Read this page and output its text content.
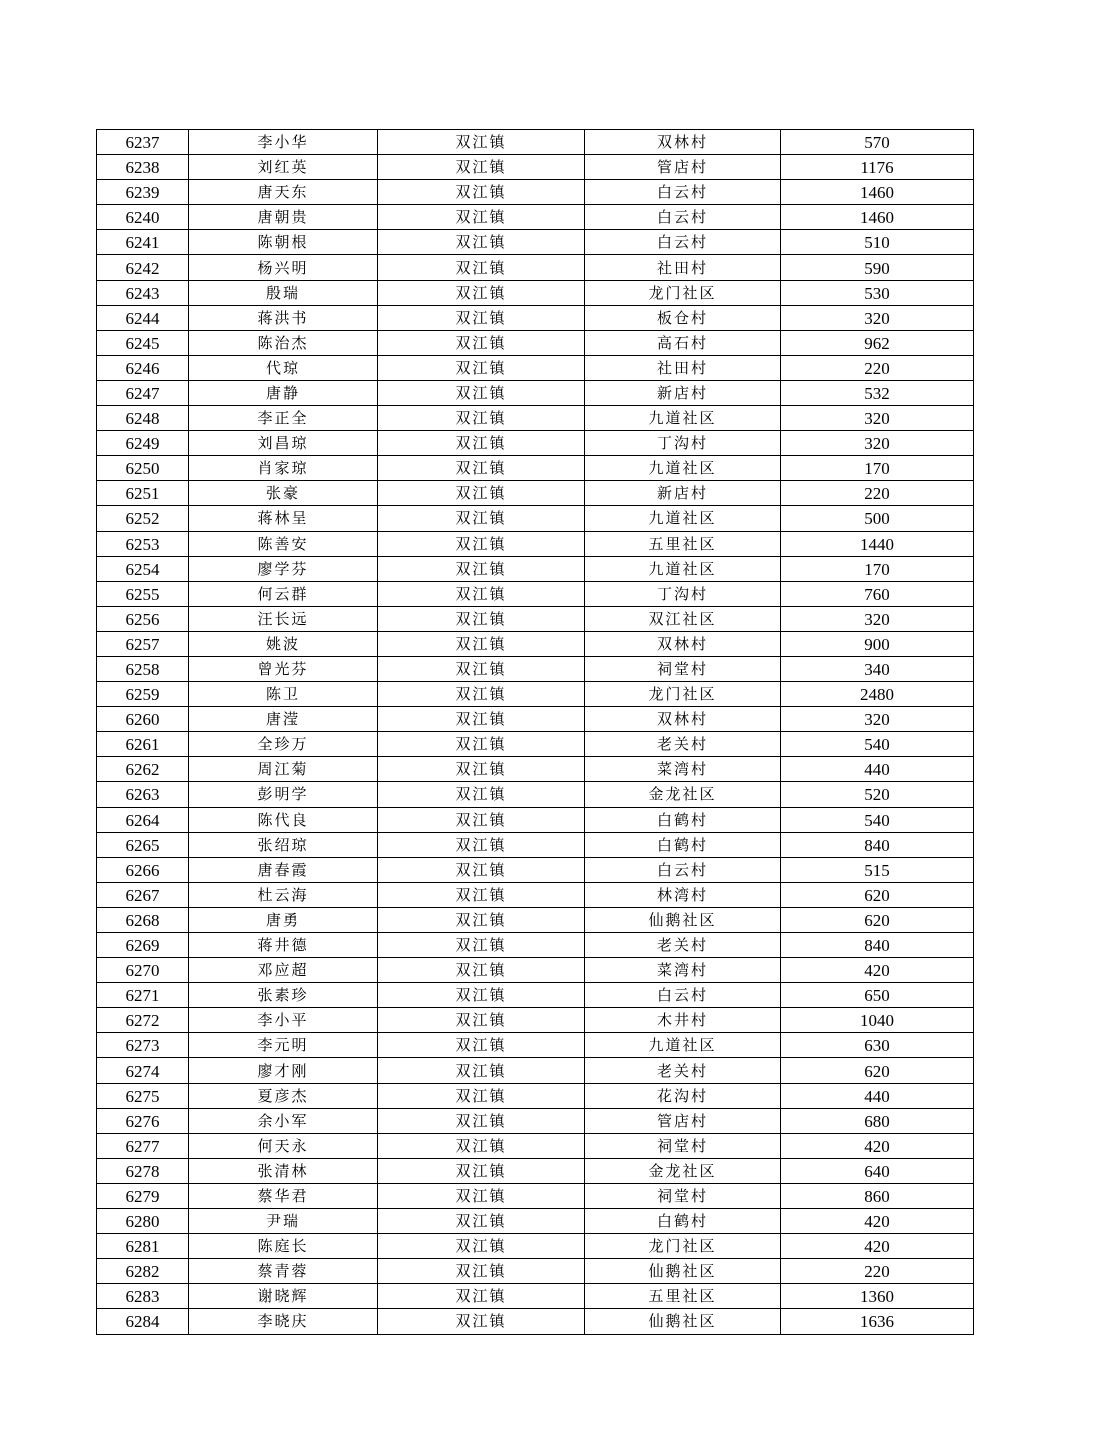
6237	李小华	双江镇	双林村	570
6238	刘红英	双江镇	管店村	1176
6239	唐天东	双江镇	白云村	1460
6240	唐朝贵	双江镇	白云村	1460
6241	陈朝根	双江镇	白云村	510
6242	杨兴明	双江镇	社田村	590
6243	殷瑞	双江镇	龙门社区	530
6244	蒋洪书	双江镇	板仓村	320
6245	陈治杰	双江镇	高石村	962
6246	代琼	双江镇	社田村	220
6247	唐静	双江镇	新店村	532
6248	李正全	双江镇	九道社区	320
6249	刘昌琼	双江镇	丁沟村	320
6250	肖家琼	双江镇	九道社区	170
6251	张豪	双江镇	新店村	220
6252	蒋林呈	双江镇	九道社区	500
6253	陈善安	双江镇	五里社区	1440
6254	廖学芬	双江镇	九道社区	170
6255	何云群	双江镇	丁沟村	760
6256	汪长远	双江镇	双江社区	320
6257	姚波	双江镇	双林村	900
6258	曾光芬	双江镇	祠堂村	340
6259	陈卫	双江镇	龙门社区	2480
6260	唐滢	双江镇	双林村	320
6261	全珍万	双江镇	老关村	540
6262	周江菊	双江镇	菜湾村	440
6263	彭明学	双江镇	金龙社区	520
6264	陈代良	双江镇	白鹤村	540
6265	张绍琼	双江镇	白鹤村	840
6266	唐春霞	双江镇	白云村	515
6267	杜云海	双江镇	林湾村	620
6268	唐勇	双江镇	仙鹅社区	620
6269	蒋井德	双江镇	老关村	840
6270	邓应超	双江镇	菜湾村	420
6271	张素珍	双江镇	白云村	650
6272	李小平	双江镇	木井村	1040
6273	李元明	双江镇	九道社区	630
6274	廖才刚	双江镇	老关村	620
6275	夏彦杰	双江镇	花沟村	440
6276	余小军	双江镇	管店村	680
6277	何天永	双江镇	祠堂村	420
6278	张清林	双江镇	金龙社区	640
6279	蔡华君	双江镇	祠堂村	860
6280	尹瑞	双江镇	白鹤村	420
6281	陈庭长	双江镇	龙门社区	420
6282	蔡青蓉	双江镇	仙鹅社区	220
6283	谢晓辉	双江镇	五里社区	1360
6284	李晓庆	双江镇	仙鹅社区	1636
